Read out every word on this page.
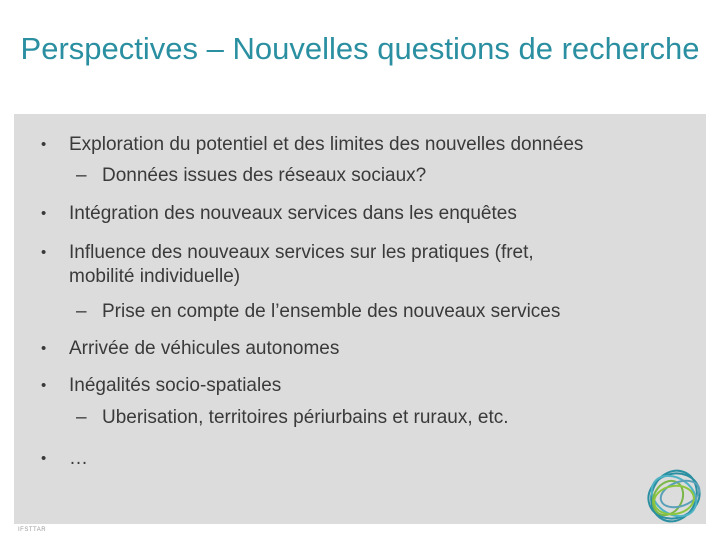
Perspectives – Nouvelles questions de recherche
• Exploration du potentiel et des limites des nouvelles données
– Données issues des réseaux sociaux?
• Intégration des nouveaux services dans les enquêtes
• Influence des nouveaux services sur les pratiques (fret,
mobilité individuelle)
– Prise en compte de l’ensemble des nouveaux services
• Arrivée de véhicules autonomes
• Inégalités socio-spatiales
– Uberisation, territoires périurbains et ruraux, etc.
• …
IFSTTAR
